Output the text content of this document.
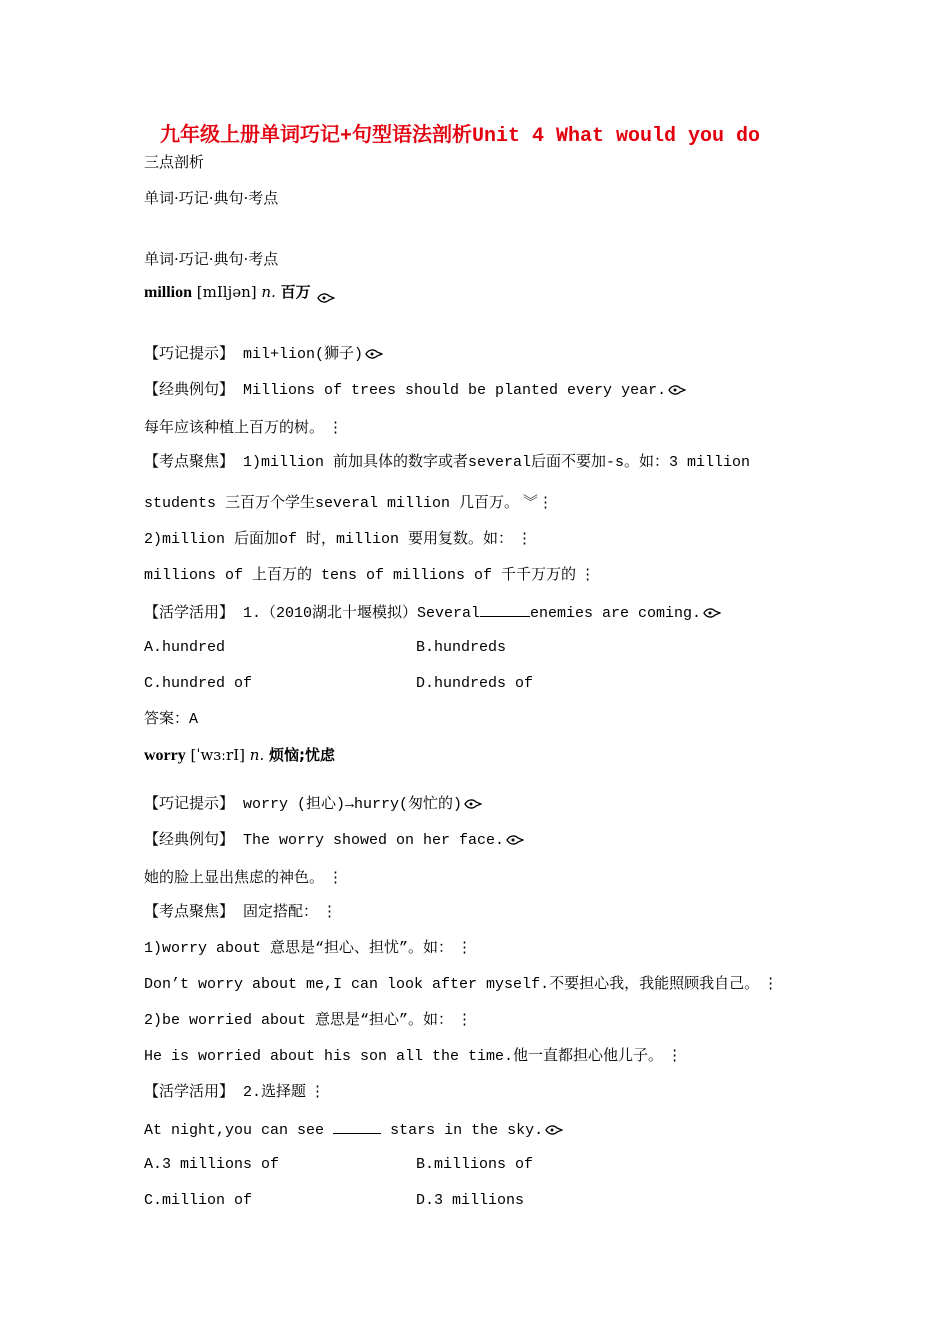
九年级上册单词巧记+句型语法剖析Unit 4 What would you do
三点剖析
单词·巧记·典句·考点
单词·巧记·典句·考点
million [mIljən] n. 百万
【巧记提示】 mil+lion(狮子)
【经典例句】 Millions of trees should be planted every year.
每年应该种植上百万的树。 ⋮
【考点聚焦】 1)million 前加具体的数字或者several后面不要加-s。如：3 million
students 三百万个学生several million 几百万。 ︾⋮
2)million 后面加of 时，million 要用复数。如： ⋮
millions of 上百万的 tens of millions of 千千万万的 ⋮
【活学活用】 1.（2010湖北十堰模拟）Several	enemies are coming.
A.hundred	B.hundreds
C.hundred of	D.hundreds of
答案：A
worry [ˈwɜːrI] n. 烦恼;忧虑
【巧记提示】 worry (担心)→hurry(匆忙的)
【经典例句】 The worry showed on her face.
她的脸上显出焦虑的神色。 ⋮
【考点聚焦】 固定搭配： ⋮
1)worry about 意思是“担心、担忧”。如： ⋮
Don’t worry about me,I can look after myself.不要担心我，我能照顾我自己。 ⋮
2)be worried about 意思是“担心”。如： ⋮
He is worried about his son all the time.他一直都担心他儿子。 ⋮
【活学活用】 2.选择题 ⋮
At night,you can see	stars in the sky.
A.3 millions of	B.millions of
C.million of	D.3 millions
